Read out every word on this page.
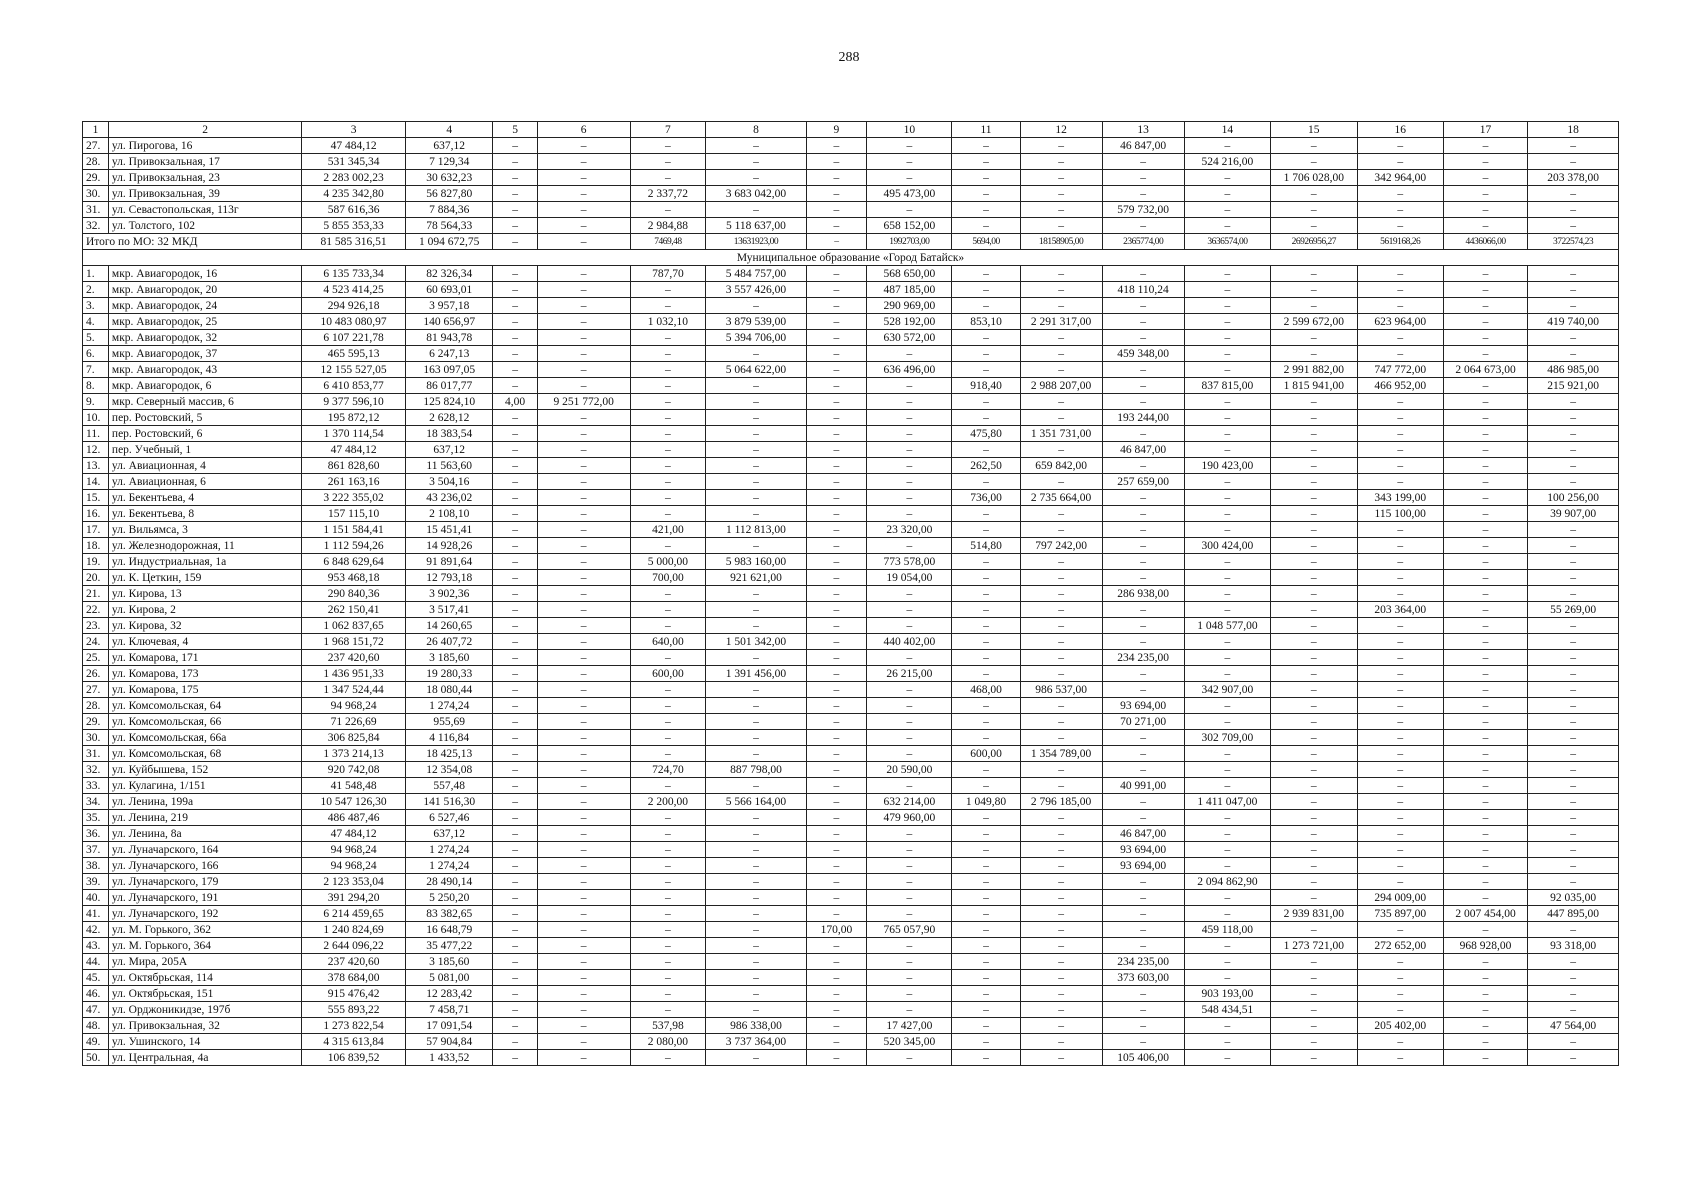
288
1	2	3	4	5	6	7	8	9	10	11	12	13	14	15	16	17	18
27.	ул. Пирогова, 16	47 484,12	637,12	–	–	–	–	–	–	–	–	46 847,00	–	–	–	–	–
28.	ул. Привокзальная, 17	531 345,34	7 129,34	–	–	–	–	–	–	–	–	–	524 216,00	–	–	–	–
29.	ул. Привокзальная, 23	2 283 002,23	30 632,23	–	–	–	–	–	–	–	–	–	–	1 706 028,00	342 964,00	–	203 378,00
30.	ул. Привокзальная, 39	4 235 342,80	56 827,80	–	–	2 337,72	3 683 042,00	–	495 473,00	–	–	–	–	–	–	–	–
31.	ул. Севастопольская, 113г	587 616,36	7 884,36	–	–	–	–	–	–	–	–	579 732,00	–	–	–	–	–
32.	ул. Толстого, 102	5 855 353,33	78 564,33	–	–	2 984,88	5 118 637,00	–	658 152,00	–	–	–	–	–	–	–	–
Итого по МО: 32 МКД		81 585 316,51	1 094 672,75	–	–	7469,48	13631923,00	–	1992703,00	5694,00	18158905,00	2365774,00	3636574,00	26926956,27	5619168,26	4436066,00	3722574,23
Муниципальное образование «Город Батайск»																	
1.	мкр. Авиагородок, 16	6 135 733,34	82 326,34	–	–	787,70	5 484 757,00	–	568 650,00	–	–	–	–	–	–	–	–
2.	мкр. Авиагородок, 20	4 523 414,25	60 693,01	–	–	–	3 557 426,00	–	487 185,00	–	–	418 110,24	–	–	–	–	–
3.	мкр. Авиагородок, 24	294 926,18	3 957,18	–	–	–	–	–	290 969,00	–	–	–	–	–	–	–	–
4.	мкр. Авиагородок, 25	10 483 080,97	140 656,97	–	–	1 032,10	3 879 539,00	–	528 192,00	853,10	2 291 317,00	–	–	2 599 672,00	623 964,00	–	419 740,00
5.	мкр. Авиагородок, 32	6 107 221,78	81 943,78	–	–	–	5 394 706,00	–	630 572,00	–	–	–	–	–	–	–	–
6.	мкр. Авиагородок, 37	465 595,13	6 247,13	–	–	–	–	–	–	–	–	459 348,00	–	–	–	–	–
7.	мкр. Авиагородок, 43	12 155 527,05	163 097,05	–	–	–	5 064 622,00	–	636 496,00	–	–	–	–	2 991 882,00	747 772,00	2 064 673,00	486 985,00
8.	мкр. Авиагородок, 6	6 410 853,77	86 017,77	–	–	–	–	–	–	918,40	2 988 207,00	–	837 815,00	1 815 941,00	466 952,00	–	215 921,00
9.	мкр. Северный массив, 6	9 377 596,10	125 824,10	4,00	9 251 772,00	–	–	–	–	–	–	–	–	–	–	–	–
10.	пер. Ростовский, 5	195 872,12	2 628,12	–	–	–	–	–	–	–	–	193 244,00	–	–	–	–	–
11.	пер. Ростовский, 6	1 370 114,54	18 383,54	–	–	–	–	–	–	475,80	1 351 731,00	–	–	–	–	–	–
12.	пер. Учебный, 1	47 484,12	637,12	–	–	–	–	–	–	–	–	46 847,00	–	–	–	–	–
13.	ул. Авиационная, 4	861 828,60	11 563,60	–	–	–	–	–	–	262,50	659 842,00	–	190 423,00	–	–	–	–
14.	ул. Авиационная, 6	261 163,16	3 504,16	–	–	–	–	–	–	–	–	257 659,00	–	–	–	–	–
15.	ул. Бекентьева, 4	3 222 355,02	43 236,02	–	–	–	–	–	–	736,00	2 735 664,00	–	–	–	343 199,00	–	100 256,00
16.	ул. Бекентьева, 8	157 115,10	2 108,10	–	–	–	–	–	–	–	–	–	–	–	115 100,00	–	39 907,00
17.	ул. Вильямса, 3	1 151 584,41	15 451,41	–	–	421,00	1 112 813,00	–	23 320,00	–	–	–	–	–	–	–	–
18.	ул. Железнодорожная, 11	1 112 594,26	14 928,26	–	–	–	–	–	–	514,80	797 242,00	–	300 424,00	–	–	–	–
19.	ул. Индустриальная, 1а	6 848 629,64	91 891,64	–	–	5 000,00	5 983 160,00	–	773 578,00	–	–	–	–	–	–	–	–
20.	ул. К. Цеткин, 159	953 468,18	12 793,18	–	–	700,00	921 621,00	–	19 054,00	–	–	–	–	–	–	–	–
21.	ул. Кирова, 13	290 840,36	3 902,36	–	–	–	–	–	–	–	–	286 938,00	–	–	–	–	–
22.	ул. Кирова, 2	262 150,41	3 517,41	–	–	–	–	–	–	–	–	–	–	–	203 364,00	–	55 269,00
23.	ул. Кирова, 32	1 062 837,65	14 260,65	–	–	–	–	–	–	–	–	–	1 048 577,00	–	–	–	–
24.	ул. Ключевая, 4	1 968 151,72	26 407,72	–	–	640,00	1 501 342,00	–	440 402,00	–	–	–	–	–	–	–	–
25.	ул. Комарова, 171	237 420,60	3 185,60	–	–	–	–	–	–	–	–	234 235,00	–	–	–	–	–
26.	ул. Комарова, 173	1 436 951,33	19 280,33	–	–	600,00	1 391 456,00	–	26 215,00	–	–	–	–	–	–	–	–
27.	ул. Комарова, 175	1 347 524,44	18 080,44	–	–	–	–	–	–	468,00	986 537,00	–	342 907,00	–	–	–	–
28.	ул. Комсомольская, 64	94 968,24	1 274,24	–	–	–	–	–	–	–	–	93 694,00	–	–	–	–	–
29.	ул. Комсомольская, 66	71 226,69	955,69	–	–	–	–	–	–	–	–	70 271,00	–	–	–	–	–
30.	ул. Комсомольская, 66а	306 825,84	4 116,84	–	–	–	–	–	–	–	–	–	302 709,00	–	–	–	–
31.	ул. Комсомольская, 68	1 373 214,13	18 425,13	–	–	–	–	–	–	600,00	1 354 789,00	–	–	–	–	–	–
32.	ул. Куйбышева, 152	920 742,08	12 354,08	–	–	724,70	887 798,00	–	20 590,00	–	–	–	–	–	–	–	–
33.	ул. Кулагина, 1/151	41 548,48	557,48	–	–	–	–	–	–	–	–	40 991,00	–	–	–	–	–
34.	ул. Ленина, 199а	10 547 126,30	141 516,30	–	–	2 200,00	5 566 164,00	–	632 214,00	1 049,80	2 796 185,00	–	1 411 047,00	–	–	–	–
35.	ул. Ленина, 219	486 487,46	6 527,46	–	–	–	–	–	479 960,00	–	–	–	–	–	–	–	–
36.	ул. Ленина, 8а	47 484,12	637,12	–	–	–	–	–	–	–	–	46 847,00	–	–	–	–	–
37.	ул. Луначарского, 164	94 968,24	1 274,24	–	–	–	–	–	–	–	–	93 694,00	–	–	–	–	–
38.	ул. Луначарского, 166	94 968,24	1 274,24	–	–	–	–	–	–	–	–	93 694,00	–	–	–	–	–
39.	ул. Луначарского, 179	2 123 353,04	28 490,14	–	–	–	–	–	–	–	–	–	2 094 862,90	–	–	–	–
40.	ул. Луначарского, 191	391 294,20	5 250,20	–	–	–	–	–	–	–	–	–	–	–	294 009,00	–	92 035,00
41.	ул. Луначарского, 192	6 214 459,65	83 382,65	–	–	–	–	–	–	–	–	–	–	2 939 831,00	735 897,00	2 007 454,00	447 895,00
42.	ул. М. Горького, 362	1 240 824,69	16 648,79	–	–	–	–	170,00	765 057,90	–	–	–	459 118,00	–	–	–	–
43.	ул. М. Горького, 364	2 644 096,22	35 477,22	–	–	–	–	–	–	–	–	–	–	1 273 721,00	272 652,00	968 928,00	93 318,00
44.	ул. Мира, 205А	237 420,60	3 185,60	–	–	–	–	–	–	–	–	234 235,00	–	–	–	–	–
45.	ул. Октябрьская, 114	378 684,00	5 081,00	–	–	–	–	–	–	–	–	373 603,00	–	–	–	–	–
46.	ул. Октябрьская, 151	915 476,42	12 283,42	–	–	–	–	–	–	–	–	–	903 193,00	–	–	–	–
47.	ул. Орджоникидзе, 197б	555 893,22	7 458,71	–	–	–	–	–	–	–	–	–	548 434,51	–	–	–	–
48.	ул. Привокзальная, 32	1 273 822,54	17 091,54	–	–	537,98	986 338,00	–	17 427,00	–	–	–	–	–	205 402,00	–	47 564,00
49.	ул. Ушинского, 14	4 315 613,84	57 904,84	–	–	2 080,00	3 737 364,00	–	520 345,00	–	–	–	–	–	–	–	–
50.	ул. Центральная, 4а	106 839,52	1 433,52	–	–	–	–	–	–	–	–	105 406,00	–	–	–	–	–
